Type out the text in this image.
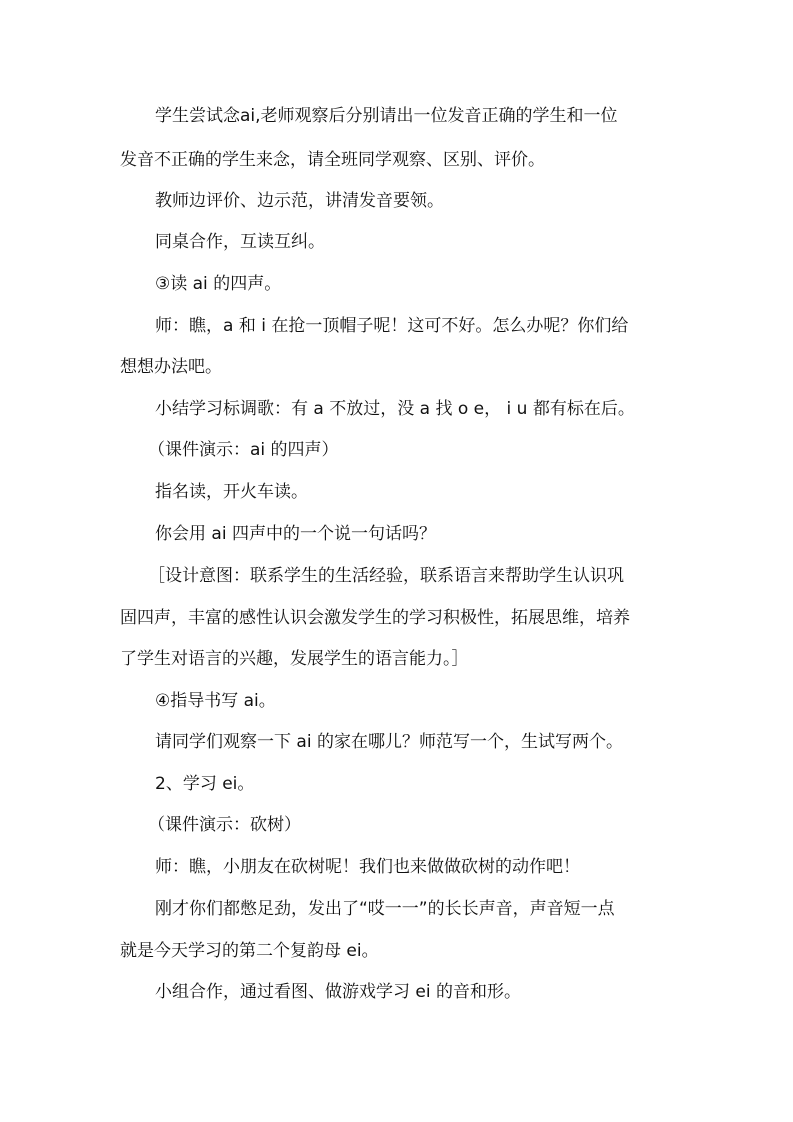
学生尝试念ai,老师观察后分别请出一位发音正确的学生和一位
发音不正确的学生来念，请全班同学观察、区别、评价。
教师边评价、边示范，讲清发音要领。
同桌合作，互读互纠。
③读 ai 的四声。
师：瞧，a 和 i 在抢一顶帽子呢！这可不好。怎么办呢？你们给
想想办法吧。
小结学习标调歌：有 a 不放过，没 a 找 o e， i u 都有标在后。
（课件演示：ai 的四声）
指名读，开火车读。
你会用 ai 四声中的一个说一句话吗？
［设计意图：联系学生的生活经验，联系语言来帮助学生认识巩
固四声，丰富的感性认识会激发学生的学习积极性，拓展思维，培养
了学生对语言的兴趣，发展学生的语言能力。］
④指导书写 ai。
请同学们观察一下 ai 的家在哪儿？师范写一个，生试写两个。
2、学习 ei。
（课件演示：砍树）
师：瞧，小朋友在砍树呢！我们也来做做砍树的动作吧！
刚才你们都憋足劲，发出了“哎一一”的长长声音，声音短一点
就是今天学习的第二个复韵母 ei。
小组合作，通过看图、做游戏学习 ei 的音和形。
